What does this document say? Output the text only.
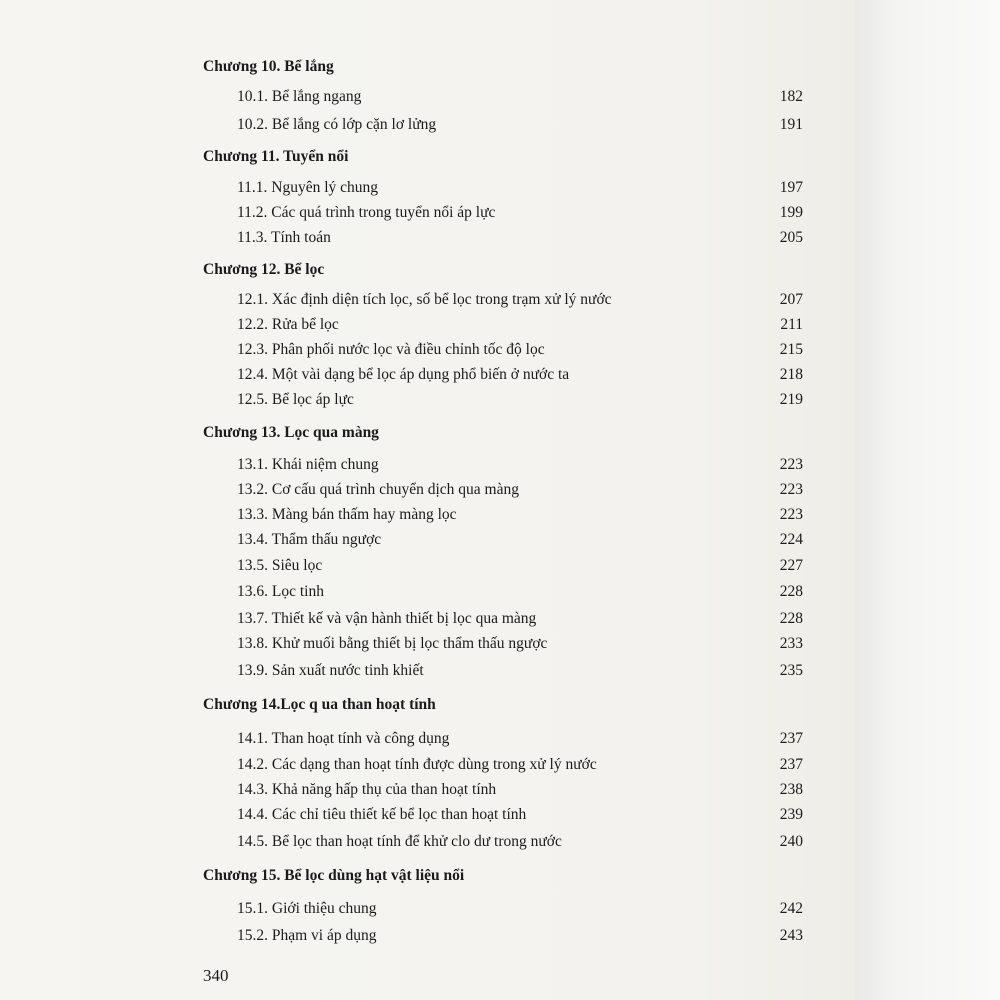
Chương 10. Bể lắng
10.1. Bể lắng ngang	182
10.2. Bể lắng có lớp cặn lơ lửng	191
Chương 11. Tuyển nổi
11.1. Nguyên lý chung	197
11.2. Các quá trình trong tuyển nổi áp lực	199
11.3. Tính toán	205
Chương 12. Bể lọc
12.1. Xác định diện tích lọc, số bể lọc trong trạm xử lý nước	207
12.2. Rửa bể lọc	211
12.3. Phân phối nước lọc và điều chỉnh tốc độ lọc	215
12.4. Một vài dạng bể lọc áp dụng phổ biến ở nước ta	218
12.5. Bể lọc áp lực	219
Chương 13. Lọc qua màng
13.1. Khái niệm chung	223
13.2. Cơ cấu quá trình chuyển dịch qua màng	223
13.3. Màng bán thấm hay màng lọc	223
13.4. Thẩm thấu ngược	224
13.5. Siêu lọc	227
13.6. Lọc tinh	228
13.7. Thiết kế và vận hành thiết bị lọc qua màng	228
13.8. Khử muối bằng thiết bị lọc thẩm thấu ngược	233
13.9. Sản xuất nước tinh khiết	235
Chương 14.Lọc q ua than hoạt tính
14.1. Than hoạt tính và công dụng	237
14.2. Các dạng than hoạt tính được dùng trong xử lý nước	237
14.3. Khả năng hấp thụ của than hoạt tính	238
14.4. Các chỉ tiêu thiết kế bể lọc than hoạt tính	239
14.5. Bể lọc than hoạt tính để khử clo dư trong nước	240
Chương 15. Bể lọc dùng hạt vật liệu nổi
15.1. Giới thiệu chung	242
15.2. Phạm vi áp dụng	243
340
